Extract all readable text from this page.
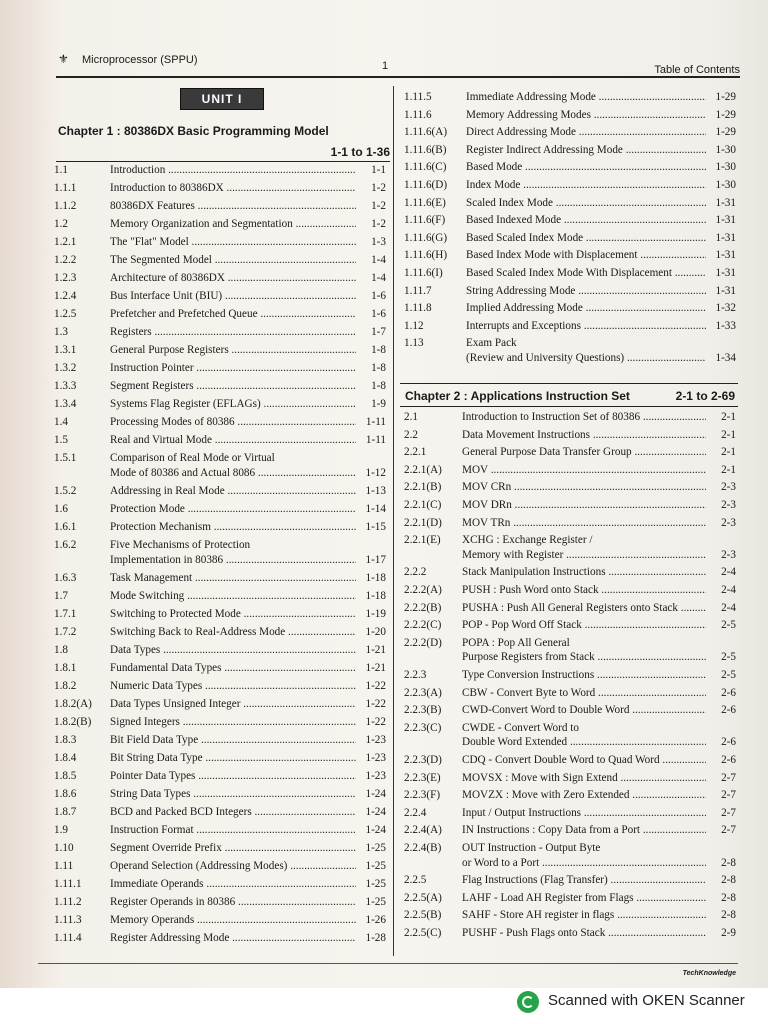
⚜ Microprocessor (SPPU)	1	Table of Contents
UNIT I
Chapter 1 : 80386DX Basic Programming Model
1-1 to 1-36
1.1	Introduction .....	1-1
1.1.1	Introduction to 80386DX .....	1-2
1.1.2	80386DX Features .....	1-2
1.2	Memory Organization and Segmentation .....	1-2
1.2.1	The "Flat" Model .....	1-3
1.2.2	The Segmented Model .....	1-4
1.2.3	Architecture of 80386DX .....	1-4
1.2.4	Bus Interface Unit (BIU) .....	1-6
1.2.5	Prefetcher and Prefetched Queue .....	1-6
1.3	Registers .....	1-7
1.3.1	General Purpose Registers .....	1-8
1.3.2	Instruction Pointer .....	1-8
1.3.3	Segment Registers .....	1-8
1.3.4	Systems Flag Register (EFLAGs) .....	1-9
1.4	Processing Modes of 80386 .....	1-11
1.5	Real and Virtual Mode .....	1-11
1.5.1	Comparison of Real Mode or Virtual
Mode of 80386 and Actual 8086 .....	1-12
1.5.2	Addressing in Real Mode .....	1-13
1.6	Protection Mode .....	1-14
1.6.1	Protection Mechanism .....	1-15
1.6.2	Five Mechanisms of Protection
Implementation in 80386 .....	1-17
1.6.3	Task Management .....	1-18
1.7	Mode Switching .....	1-18
1.7.1	Switching to Protected Mode .....	1-19
1.7.2	Switching Back to Real-Address Mode .....	1-20
1.8	Data Types .....	1-21
1.8.1	Fundamental Data Types .....	1-21
1.8.2	Numeric Data Types .....	1-22
1.8.2(A) Data Types Unsigned Integer .....	1-22
1.8.2(B) Signed Integers .....	1-22
1.8.3	Bit Field Data Type .....	1-23
1.8.4	Bit String Data Type .....	1-23
1.8.5	Pointer Data Types .....	1-23
1.8.6	String Data Types .....	1-24
1.8.7	BCD and Packed BCD Integers .....	1-24
1.9	Instruction Format .....	1-24
1.10	Segment Override Prefix .....	1-25
1.11	Operand Selection (Addressing Modes) .....	1-25
1.11.1	Immediate Operands .....	1-25
1.11.2	Register Operands in 80386 .....	1-25
1.11.3	Memory Operands .....	1-26
1.11.4	Register Addressing Mode .....	1-28
1.11.5	Immediate Addressing Mode .....	1-29
1.11.6	Memory Addressing Modes .....	1-29
1.11.6(A) Direct Addressing Mode .....	1-29
1.11.6(B) Register Indirect Addressing Mode .....	1-30
1.11.6(C) Based Mode .....	1-30
1.11.6(D) Index Mode .....	1-30
1.11.6(E) Scaled Index Mode .....	1-31
1.11.6(F) Based Indexed Mode .....	1-31
1.11.6(G) Based Scaled Index Mode .....	1-31
1.11.6(H) Based Index Mode with Displacement .....	1-31
1.11.6(I) Based Scaled Index Mode With Displacement .....	1-31
1.11.7	String Addressing Mode .....	1-31
1.11.8	Implied Addressing Mode .....	1-32
1.12	Interrupts and Exceptions .....	1-33
1.13	Exam Pack
(Review and University Questions) .....	1-34
Chapter 2 : Applications Instruction Set	2-1 to 2-69
2.1	Introduction to Instruction Set of 80386 .....	2-1
2.2	Data Movement Instructions .....	2-1
2.2.1	General Purpose Data Transfer Group .....	2-1
2.2.1(A) MOV .....	2-1
2.2.1(B) MOV CRn .....	2-3
2.2.1(C) MOV DRn .....	2-3
2.2.1(D) MOV TRn .....	2-3
2.2.1(E) XCHG : Exchange Register /
Memory with Register .....	2-3
2.2.2	Stack Manipulation Instructions .....	2-4
2.2.2(A) PUSH : Push Word onto Stack .....	2-4
2.2.2(B) PUSHA : Push All General Registers onto Stack .....	2-4
2.2.2(C) POP - Pop Word Off Stack .....	2-5
2.2.2(D) POPA : Pop All General
Purpose Registers from Stack .....	2-5
2.2.3	Type Conversion Instructions .....	2-5
2.2.3(A) CBW - Convert Byte to Word .....	2-6
2.2.3(B) CWD-Convert Word to Double Word .....	2-6
2.2.3(C) CWDE - Convert Word to
Double Word Extended .....	2-6
2.2.3(D) CDQ - Convert Double Word to Quad Word .....	2-6
2.2.3(E) MOVSX : Move with Sign Extend .....	2-7
2.2.3(F) MOVZX : Move with Zero Extended .....	2-7
2.2.4	Input / Output Instructions .....	2-7
2.2.4(A) IN Instructions : Copy Data from a Port .....	2-7
2.2.4(B) OUT Instruction - Output Byte
or Word to a Port .....	2-8
2.2.5	Flag Instructions (Flag Transfer) .....	2-8
2.2.5(A) LAHF - Load AH Register from Flags .....	2-8
2.2.5(B) SAHF - Store AH register in flags .....	2-8
2.2.5(C) PUSHF - Push Flags onto Stack .....	2-9
TechKnowledge
Scanned with OKEN Scanner
